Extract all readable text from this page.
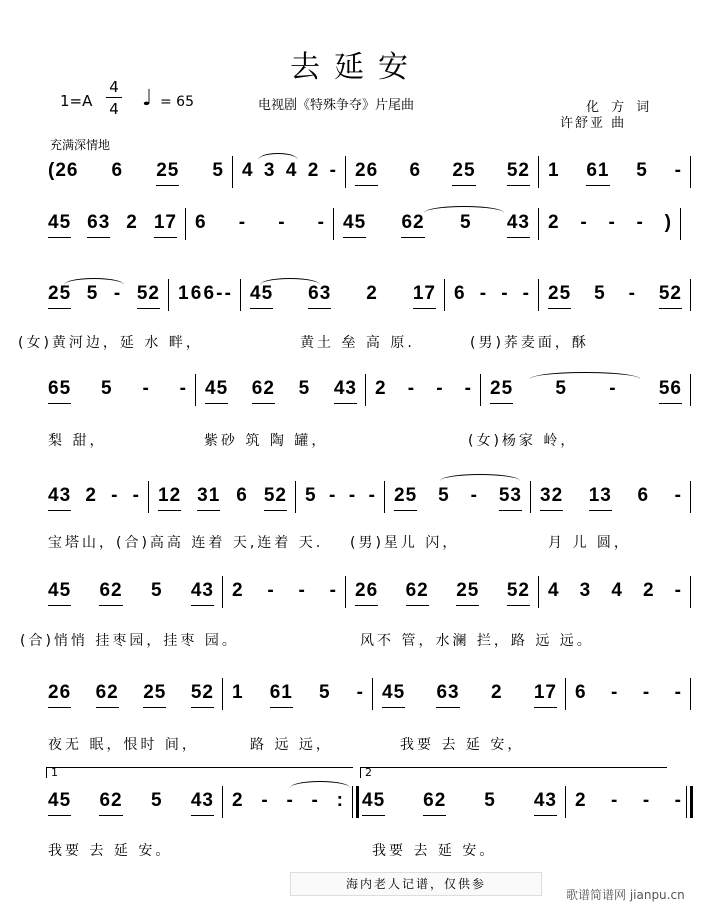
去延安
1=A
4
4 ♩ = 65	电视剧《特殊争夺》片尾曲	化 方 词
许舒亚 曲
充满深情地
(26 6 25 5 4 3 4 2 - 26 6 25 52 1 61 5 -
45 63 2 17 6 - - - 45 62 5 43 2 - - - )
25 5 - 52 1 6 6 - - 45 63 2 17 6 - - - 25 5 - 52
(女)黄河边，延 水 畔，	黄土 垒 高 原.	(男)荞麦面，酥
65 5 - - 45 62 5 43 2 - - - 25 5 - 56
梨 甜，	紫砂 筑 陶 罐，	(女)杨家 岭，
43 2 - - 12 31 6 52 5 - - - 25 5 - 53 32 13 6 -
宝塔山，(合)高高 连着 天,连着 天. (男)星儿 闪，	月 儿 圆，
45 62 5 43 2 - - - 26 62 25 52 4 3 4 2 -
(合)悄悄 挂枣园，挂枣 园。	风不 管，水澜 拦，路 远 远。
26 62 25 52 1 61 5 - 45 63 2 17 6 - - -
夜无 眠，恨时 间，	路 远 远，	我要 去 延 安，
45 62 5 43 2 - - - : 45 62 5 43 2 - - -
我要 去 延 安。	我要 去 延 安。
1	2
海内老人记谱，仅供参
歌谱简谱网 jianpu.cn
